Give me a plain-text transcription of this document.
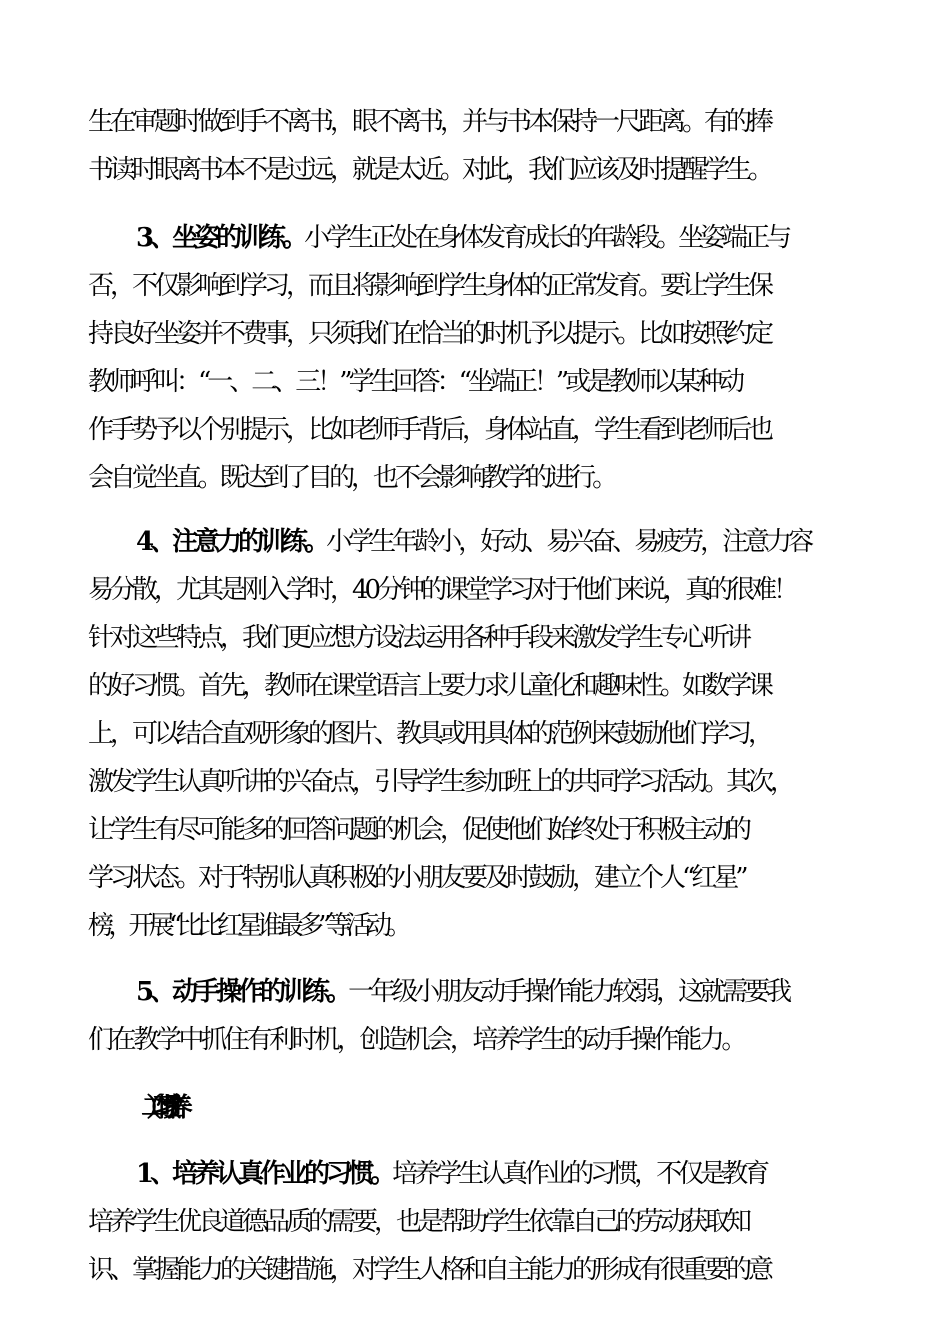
生在审题时做到手不离书，眼不离书，并与书本保持一尺距离。有的捧
书读时眼离书本不是过远，就是太近。对此，我们应该及时提醒学生。
3、坐姿的训练。小学生正处在身体发育成长的年龄段。坐姿端正与
否，不仅影响到学习，而且将影响到学生身体的正常发育。要让学生保
持良好坐姿并不费事，只须我们在恰当的时机予以提示。比如按照约定
教师呼叫：“一、二、三！”学生回答：“坐端正！”或是教师以某种动
作手势予以个别提示，比如老师手背后，身体站直，学生看到老师后也
会自觉坐直。既达到了目的，也不会影响教学的进行。
4、注意力的训练。小学生年龄小，好动、易兴奋、易疲劳，注意力容
易分散，尤其是刚入学时，40分钟的课堂学习对于他们来说，真的很难！
针对这些特点，我们更应想方设法运用各种手段来激发学生专心听讲
的好习惯。首先，教师在课堂语言上要力求儿童化和趣味性。如数学课
上，可以结合直观形象的图片、教具或用具体的范例来鼓励他们学习，
激发学生认真听讲的兴奋点，引导学生参加班上的共同学习活动。其次，
让学生有尽可能多的回答问题的机会，促使他们始终处于积极主动的
学习状态。对于特别认真积极的小朋友要及时鼓励，建立个人“红星”
榜，开展“比比红星谁最多”等活动。
5、动手操作的训练。一年级小朋友动手操作能力较弱，这就需要我
们在教学中抓住有利时机，创造机会，培养学生的动手操作能力。
（二）习惯培养
1、培养认真作业的习惯。培养学生认真作业的习惯，不仅是教育
培养学生优良道德品质的需要，也是帮助学生依靠自己的劳动获取知
识、掌握能力的关键措施，对学生人格和自主能力的形成有很重要的意
